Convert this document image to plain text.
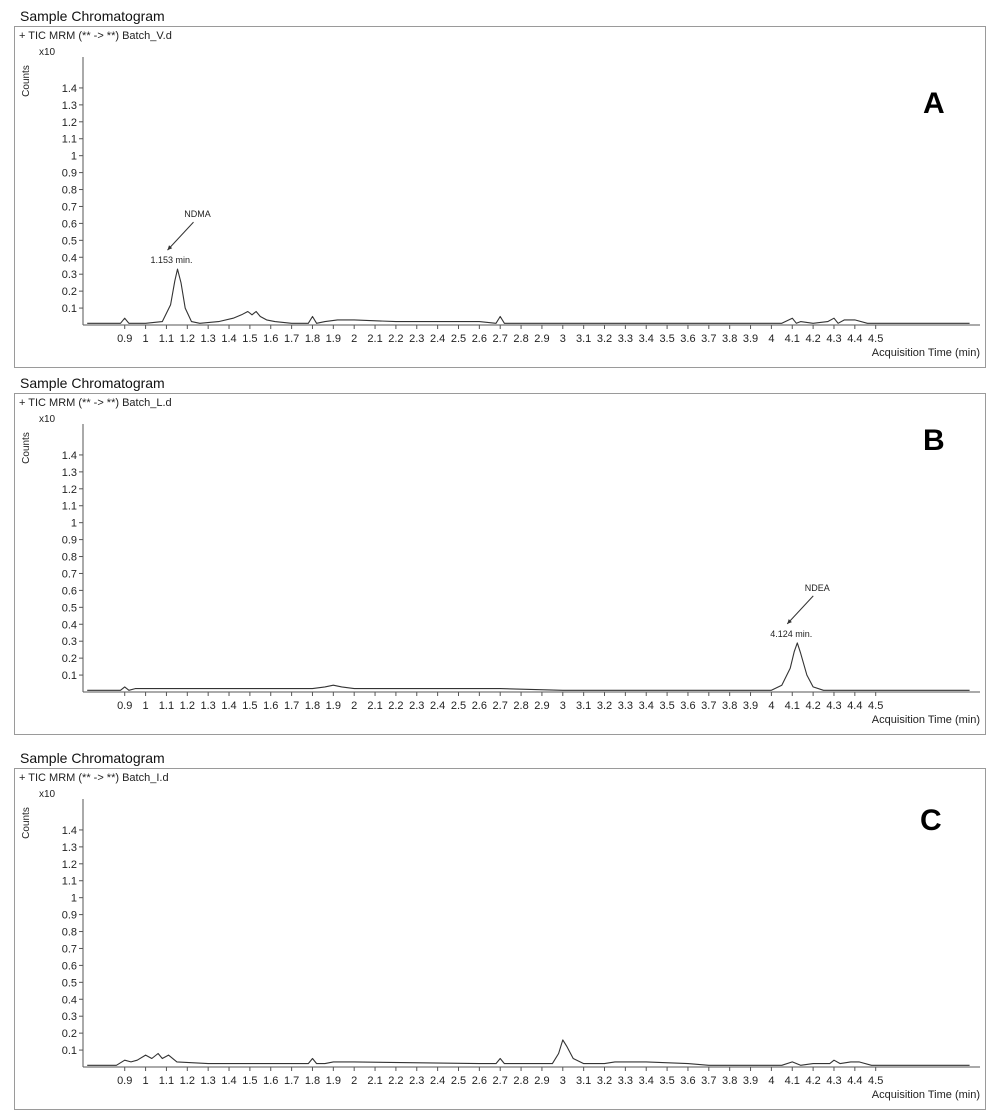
Sample Chromatogram
Counts
x10
0.1
0.2
0.3
0.4
0.5
0.6
0.7
0.8
0.9
1
1.1
1.2
1.3
1.4
0.9 1 1.1 1.2 1.3 1.4 1.5 1.6 1.7 1.8 1.9 2 2.1 2.2 2.3 2.4 2.5 2.6 2.7 2.8 2.9 3 3.1 3.2 3.3 3.4 3.5 3.6 3.7 3.8 3.9 4 4.1 4.2 4.3 4.4 4.5
Acquisition Time (min)
1.153 min.
NDMA
+ TIC MRM (** -> **) Batch_V.d
A
Sample Chromatogram
Counts
x10
0.1
0.2
0.3
0.4
0.5
0.6
0.7
0.8
0.9
1
1.1
1.2
1.3
1.4
0.9 1 1.1 1.2 1.3 1.4 1.5 1.6 1.7 1.8 1.9 2 2.1 2.2 2.3 2.4 2.5 2.6 2.7 2.8 2.9 3 3.1 3.2 3.3 3.4 3.5 3.6 3.7 3.8 3.9 4 4.1 4.2 4.3 4.4 4.5
Acquisition Time (min)
4.124 min.
NDEA
+ TIC MRM (** -> **) Batch_L.d
B
Sample Chromatogram
Counts
x10
0.1
0.2
0.3
0.4
0.5
0.6
0.7
0.8
0.9
1
1.1
1.2
1.3
1.4
0.9 1 1.1 1.2 1.3 1.4 1.5 1.6 1.7 1.8 1.9 2 2.1 2.2 2.3 2.4 2.5 2.6 2.7 2.8 2.9 3 3.1 3.2 3.3 3.4 3.5 3.6 3.7 3.8 3.9 4 4.1 4.2 4.3 4.4 4.5
Acquisition Time (min)
+ TIC MRM (** -> **) Batch_I.d
C
